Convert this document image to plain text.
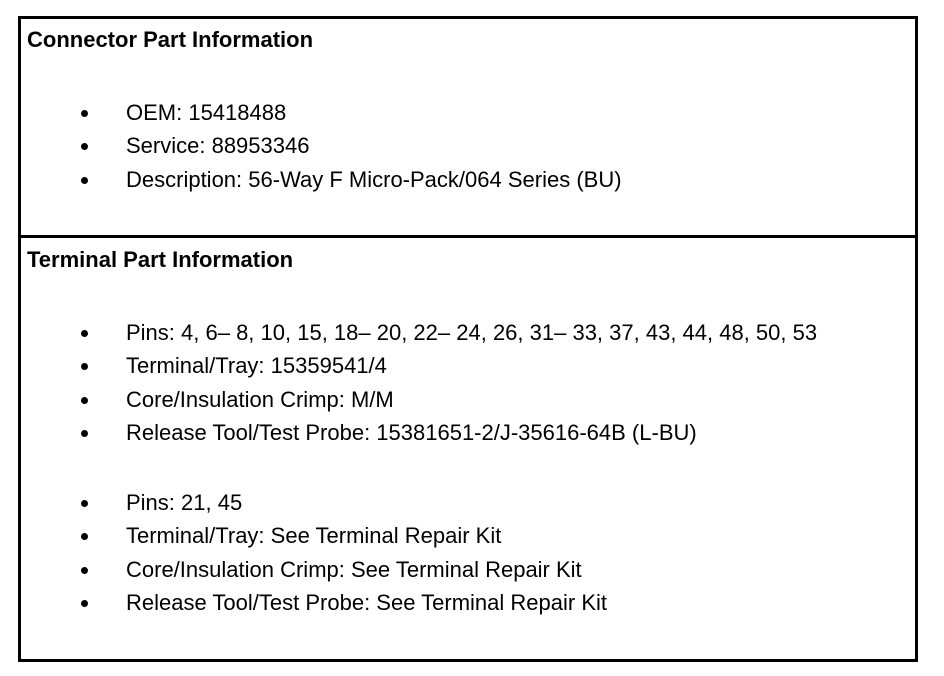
Connector Part Information
OEM: 15418488
Service: 88953346
Description: 56-Way F Micro-Pack/064 Series (BU)
Terminal Part Information
Pins: 4, 6– 8, 10, 15, 18– 20, 22– 24, 26, 31– 33, 37, 43, 44, 48, 50, 53
Terminal/Tray: 15359541/4
Core/Insulation Crimp: M/M
Release Tool/Test Probe: 15381651-2/J-35616-64B (L-BU)
Pins: 21, 45
Terminal/Tray: See Terminal Repair Kit
Core/Insulation Crimp: See Terminal Repair Kit
Release Tool/Test Probe: See Terminal Repair Kit
